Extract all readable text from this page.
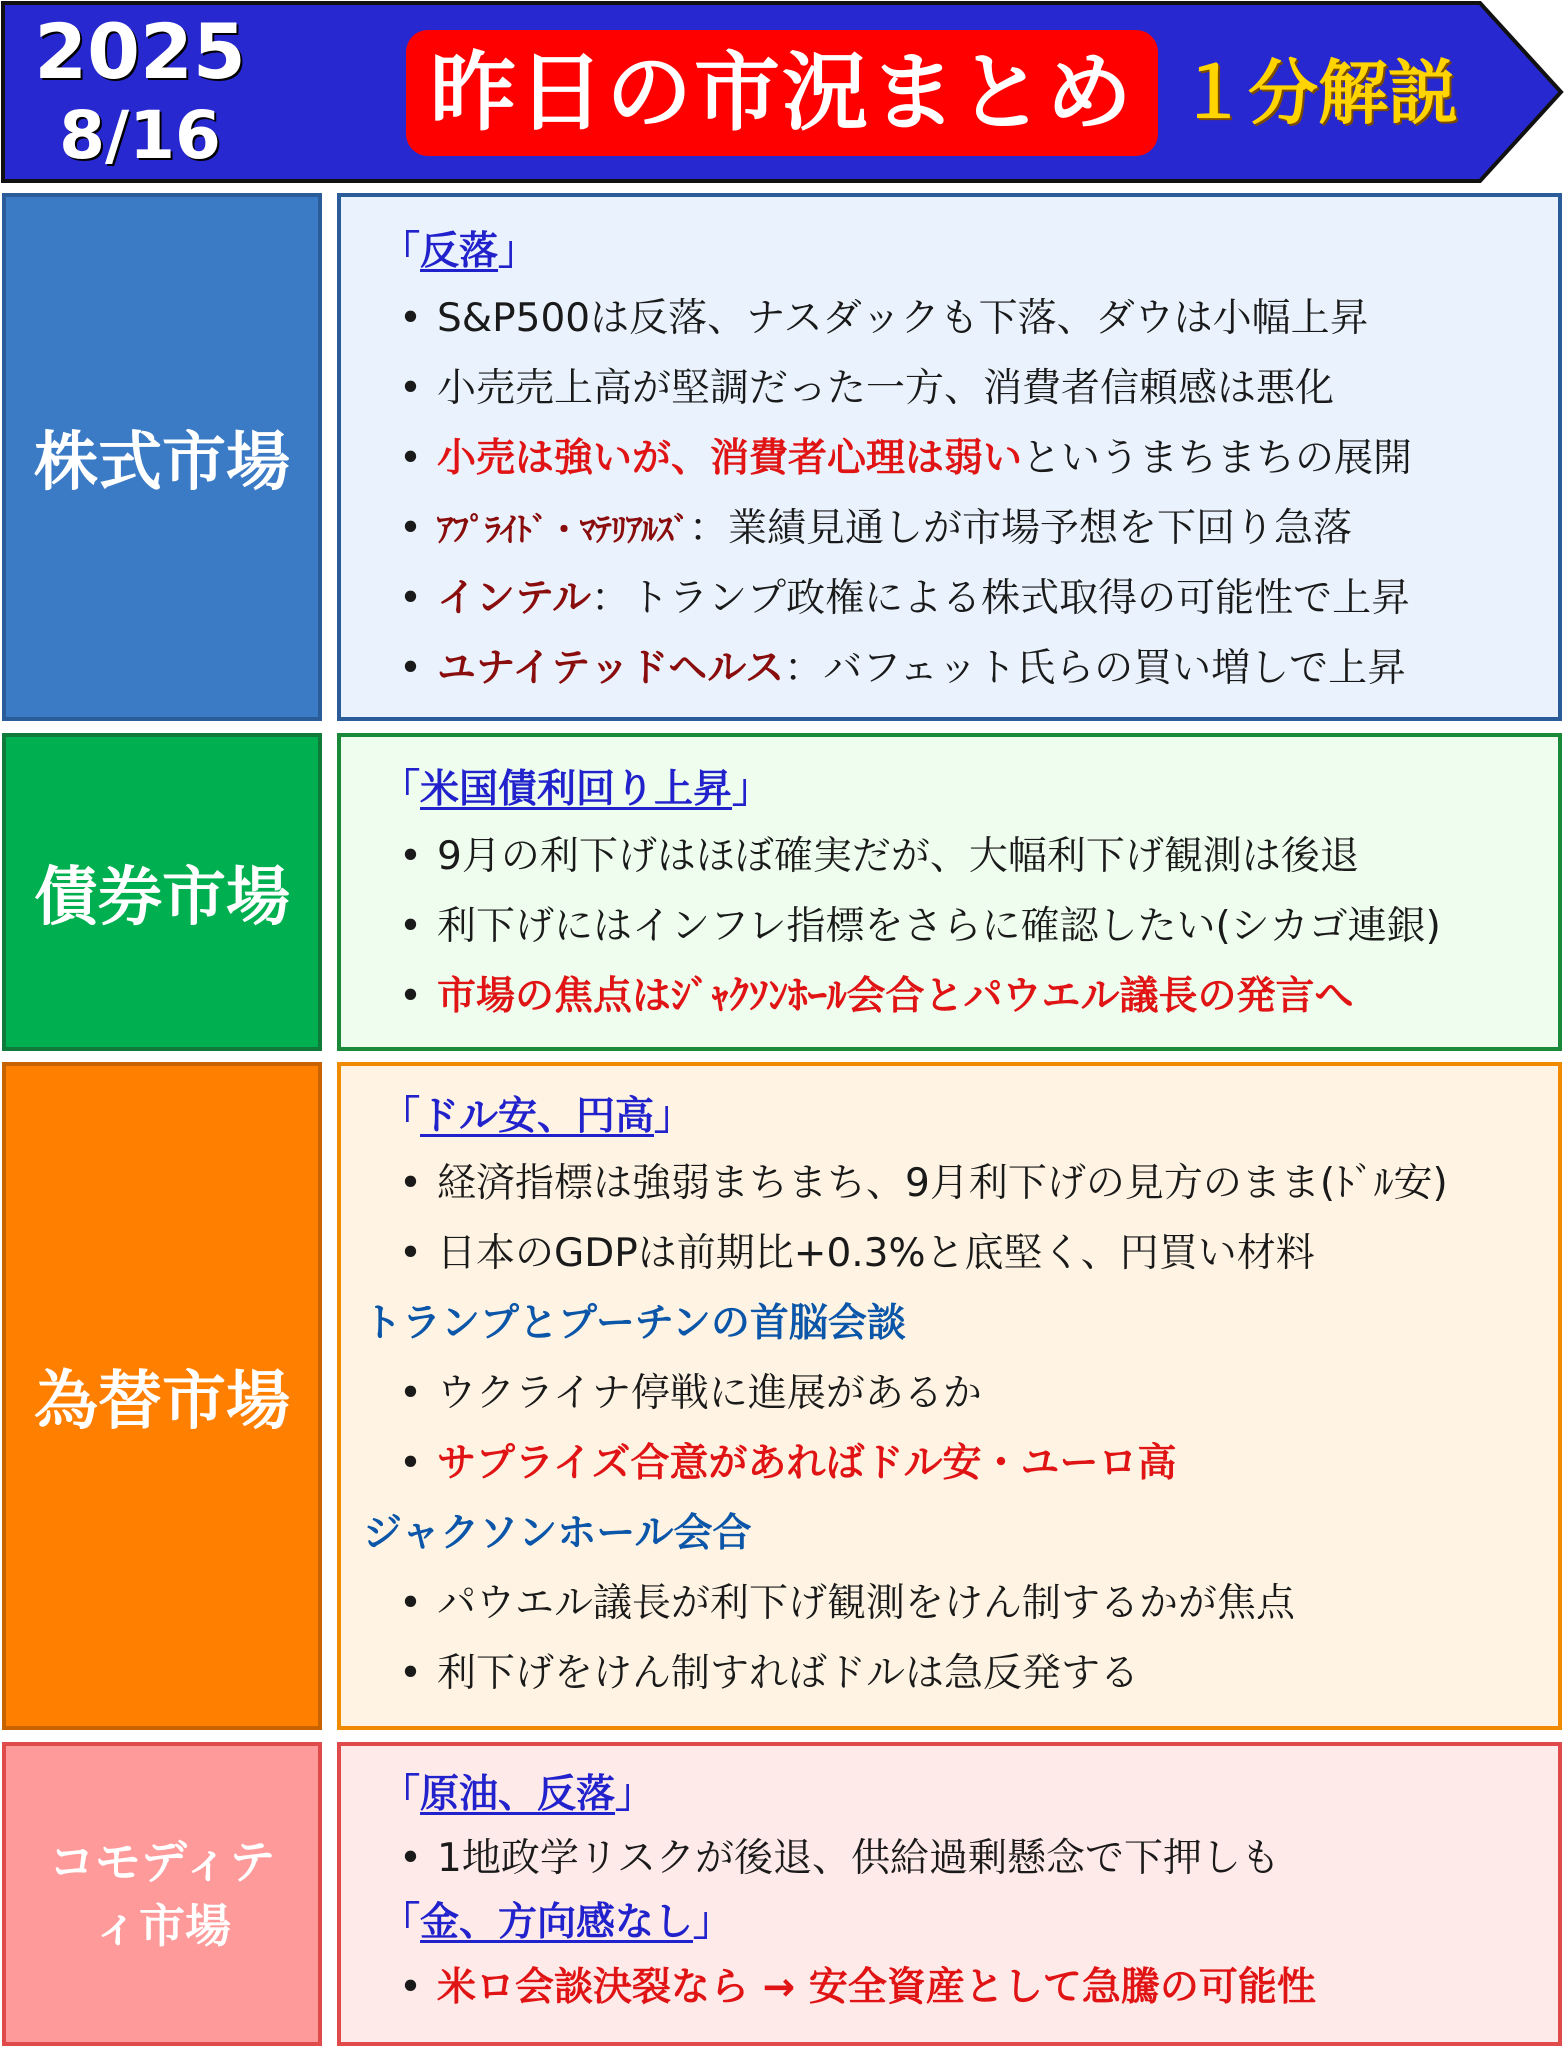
2025
8/16	昨日の市況まとめ １分解説
株式市場
「反落」
• S&P500は反落、ナスダックも下落、ダウは小幅上昇
• 小売売上高が堅調だった一方、消費者信頼感は悪化
• 小売は強いが、消費者心理は弱いというまちまちの展開
• ｱﾌﾟﾗｲﾄﾞ・ﾏﾃﾘｱﾙｽﾞ：業績見通しが市場予想を下回り急落
• インテル：トランプ政権による株式取得の可能性で上昇
• ユナイテッドヘルス：バフェット氏らの買い増しで上昇
債券市場
「米国債利回り上昇」
• 9月の利下げはほぼ確実だが、大幅利下げ観測は後退
• 利下げにはインフレ指標をさらに確認したい(シカゴ連銀)
• 市場の焦点はｼﾞｬｸｿﾝﾎｰﾙ会合とパウエル議長の発言へ
為替市場
「ドル安、円高」
• 経済指標は強弱まちまち、9月利下げの見方のまま(ﾄﾞﾙ安)
• 日本のGDPは前期比+0.3%と底堅く、円買い材料
トランプとプーチンの首脳会談
• ウクライナ停戦に進展があるか
• サプライズ合意があればドル安・ユーロ高
ジャクソンホール会合
• パウエル議長が利下げ観測をけん制するかが焦点
• 利下げをけん制すればドルは急反発する
コモディテ
ィ市場
「原油、反落」
• 1地政学リスクが後退、供給過剰懸念で下押しも
「金、方向感なし」
• 米ロ会談決裂なら → 安全資産として急騰の可能性
